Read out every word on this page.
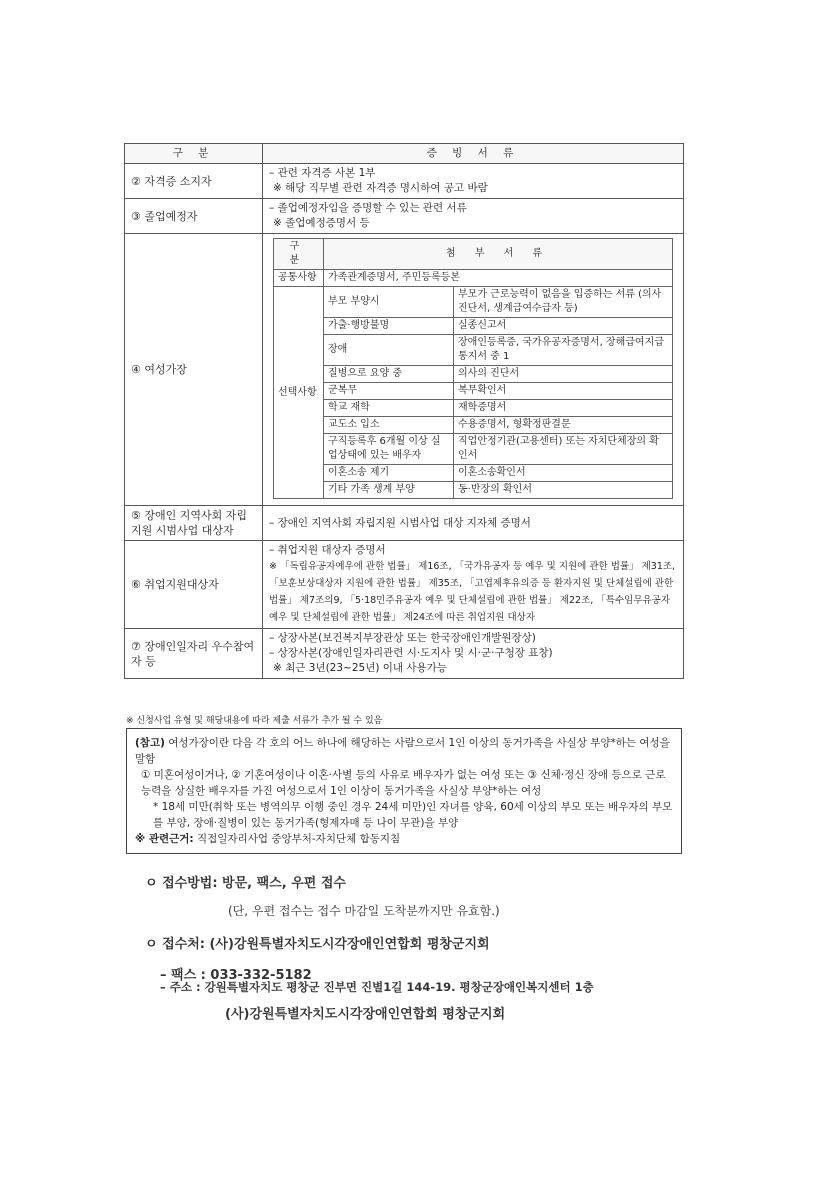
구 분	증 빙 서 류
② 자격증 소지자	
– 관련 자격증 사본 1부
※ 해당 직무별 관련 자격증 명시하여 공고 바람

③ 졸업예정자	
– 졸업예정자임을 증명할 수 있는 관련 서류
※ 졸업예정증명서 등

④ 여성가장	
구 분	첨 부 서 류
공통사항	가족관계증명서, 주민등록등본
선택사항	부모 부양시	부모가 근로능력이 없음을 입증하는 서류 (의사진단서, 생계급여수급자 등)
가출·행방불명	실종신고서
장애	장애인등록증, 국가유공자증명서, 장해급여지급통지서 중 1
질병으로 요양 중	의사의 진단서
군복무	복무확인서
학교 재학	재학증명서
교도소 입소	수용증명서, 형확정판결문
구직등록후 6개월 이상 실업상태에 있는 배우자	직업안정기관(고용센터) 또는 자치단체장의 확인서
이혼소송 제기	이혼소송확인서
기타 가족 생계 부양	동·반장의 확인서

⑤ 장애인 지역사회 자립지원 시범사업 대상자	
– 장애인 지역사회 자립지원 시범사업 대상 지자체 증명서

⑥ 취업지원대상자	
– 취업지원 대상자 증명서
※ 「독립유공자예우에 관한 법률」 제16조, 「국가유공자 등 예우 및 지원에 관한 법률」 제31조, 「보훈보상대상자 지원에 관한 법률」 제35조, 「고엽제후유의증 등 환자지원 및 단체설립에 관한 법률」 제7조의9, 「5·18민주유공자 예우 및 단체설립에 관한 법률」 제22조, 「특수임무유공자 예우 및 단체설립에 관한 법률」 제24조에 따른 취업지원 대상자

⑦ 장애인일자리 우수참여자 등	
– 상장사본(보건복지부장관상 또는 한국장애인개발원장상)
– 상장사본(장애인일자리관련 시·도지사 및 시·군·구청장 표창)
※ 최근 3년(23~25년) 이내 사용가능
※ 신청사업 유형 및 해당내용에 따라 제출 서류가 추가 될 수 있음
(참고) 여성가장이란 다음 각 호의 어느 하나에 해당하는 사람으로서 1인 이상의 동거가족을 사실상 부양*하는 여성을 말함
① 미혼여성이거나, ② 기혼여성이나 이혼·사별 등의 사유로 배우자가 없는 여성 또는 ③ 신체·정신 장애 등으로 근로능력을 상실한 배우자를 가진 여성으로서 1인 이상이 동거가족을 사실상 부양*하는 여성
* 18세 미만(취학 또는 병역의무 이행 중인 경우 24세 미만)인 자녀를 양육, 60세 이상의 부모 또는 배우자의 부모를 부양, 장애·질병이 있는 동거가족(형제자매 등 나이 무관)을 부양
※ 관련근거: 직접일자리사업 중앙부처-자치단체 합동지침
ㅇ 접수방법: 방문, 팩스, 우편 접수
(단, 우편 접수는 접수 마감일 도착분까지만 유효함.)
ㅇ 접수처: (사)강원특별자치도시각장애인연합회 평창군지회
– 팩스 : 033-332-5182
– 주소 : 강원특별자치도 평창군 진부면 진별1길 144-19. 평창군장애인복지센터 1층
(사)강원특별자치도시각장애인연합회 평창군지회
